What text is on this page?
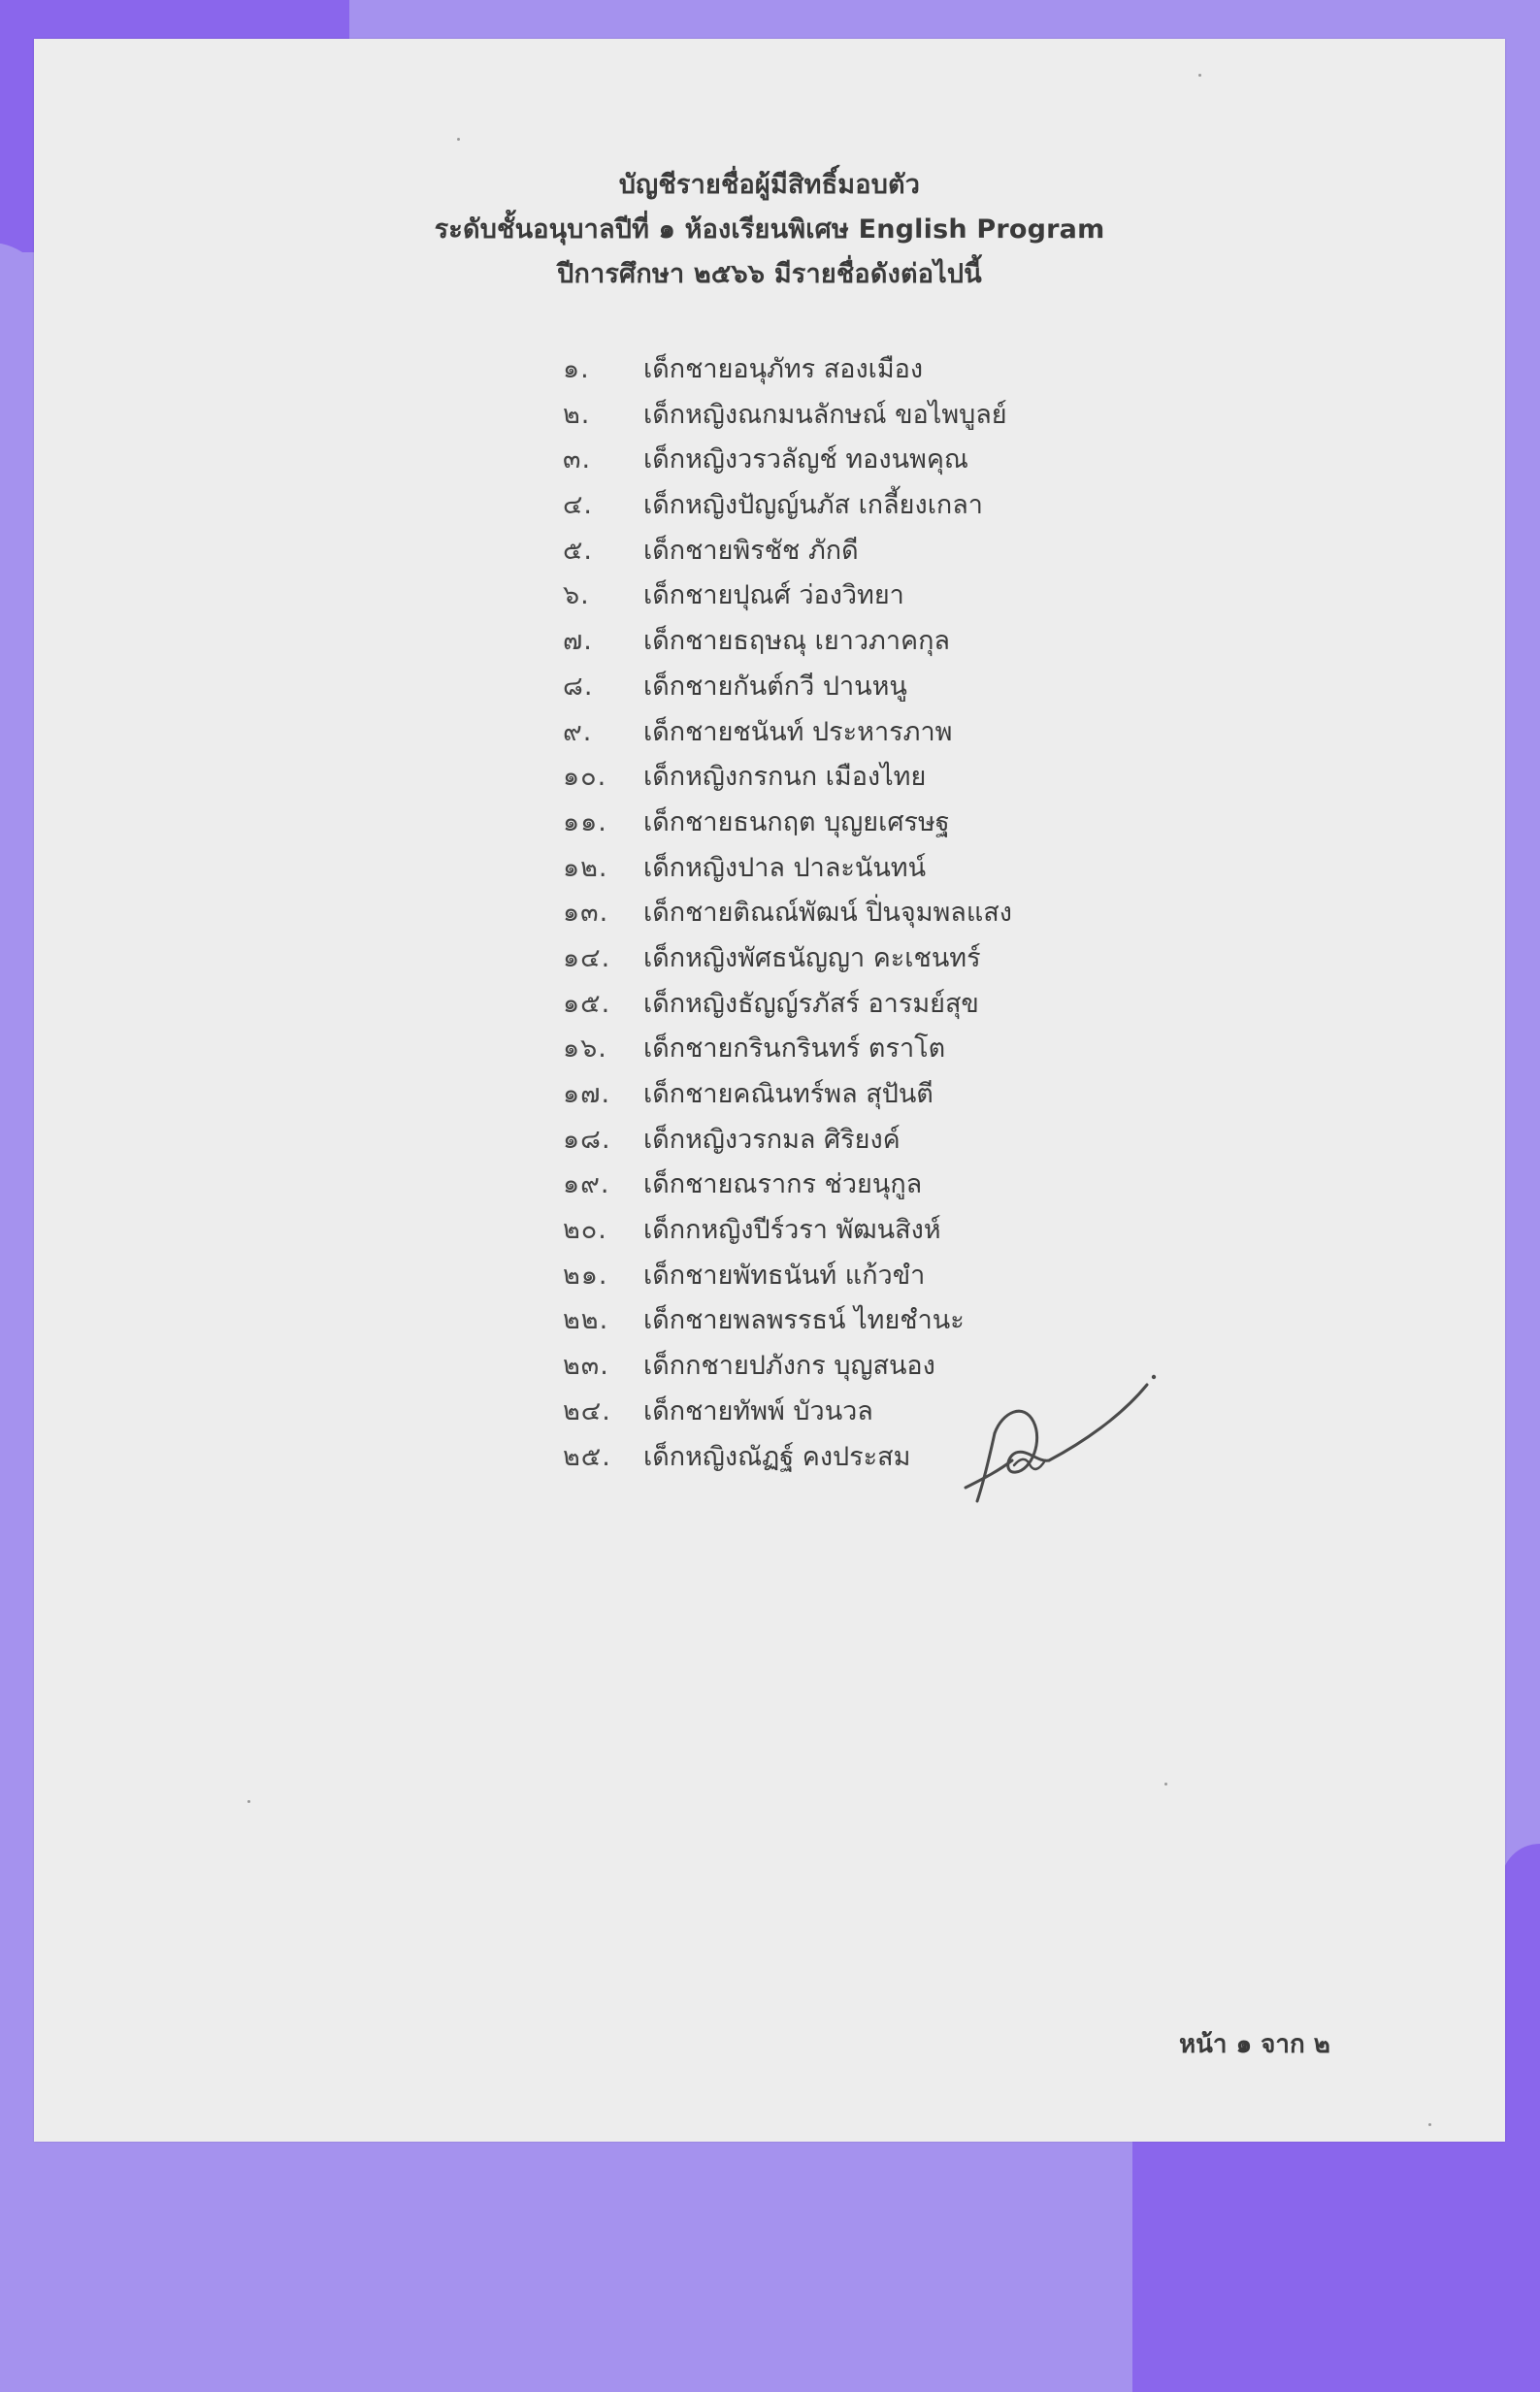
บัญชีรายชื่อผู้มีสิทธิ์มอบตัว
ระดับชั้นอนุบาลปีที่ ๑ ห้องเรียนพิเศษ English Program
ปีการศึกษา ๒๕๖๖ มีรายชื่อดังต่อไปนี้
๑.	เด็กชายอนุภัทร สองเมือง
๒.	เด็กหญิงณกมนลักษณ์ ขอไพบูลย์
๓.	เด็กหญิงวรวลัญช์ ทองนพคุณ
๔.	เด็กหญิงปัญญ์นภัส เกลี้ยงเกลา
๕.	เด็กชายพิรชัช ภักดี
๖.	เด็กชายปุณศ์ ว่องวิทยา
๗.	เด็กชายธฤษณุ เยาวภาคกุล
๘.	เด็กชายกันต์กวี ปานหนู
๙.	เด็กชายชนันท์ ประหารภาพ
๑๐.	เด็กหญิงกรกนก เมืองไทย
๑๑.	เด็กชายธนกฤต บุญยเศรษฐ
๑๒.	เด็กหญิงปาล ปาละนันทน์
๑๓.	เด็กชายติณณ์พัฒน์ ปิ่นจุมพลแสง
๑๔.	เด็กหญิงพัศธนัญญา คะเชนทร์
๑๕.	เด็กหญิงธัญญ์รภัสร์ อารมย์สุข
๑๖.	เด็กชายกรินกรินทร์ ตราโต
๑๗.	เด็กชายคณินทร์พล สุปันตี
๑๘.	เด็กหญิงวรกมล ศิริยงค์
๑๙.	เด็กชายณรากร ช่วยนุกูล
๒๐.	เด็กกหญิงปีร์วรา พัฒนสิงห์
๒๑.	เด็กชายพัทธนันท์ แก้วขำ
๒๒.	เด็กชายพลพรรธน์ ไทยชำนะ
๒๓.	เด็กกชายปภังกร บุญสนอง
๒๔.	เด็กชายทัพพ์ บัวนวล
๒๕.	เด็กหญิงณัฏฐ์ คงประสม
หน้า ๑ จาก ๒
